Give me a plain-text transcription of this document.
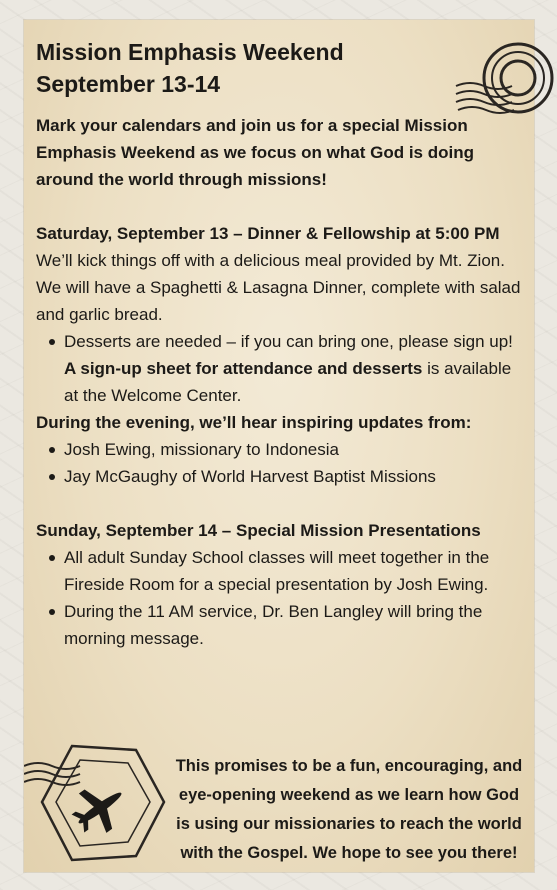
Mission Emphasis Weekend
September 13-14

Mark your calendars and join us for a special Mission Emphasis Weekend as we focus on what God is doing around the world through missions!

Saturday, September 13 – Dinner & Fellowship at 5:00 PM

We’ll kick things off with a delicious meal provided by Mt. Zion. We will have a Spaghetti & Lasagna Dinner, complete with salad and garlic bread.

Desserts are needed – if you can bring one, please sign up! A sign-up sheet for attendance and desserts is available at the Welcome Center.

During the evening, we’ll hear inspiring updates from:

Josh Ewing, missionary to Indonesia
Jay McGaughy of World Harvest Baptist Missions

Sunday, September 14 – Special Mission Presentations

All adult Sunday School classes will meet together in the Fireside Room for a special presentation by Josh Ewing.
During the 11 AM service, Dr. Ben Langley will bring the morning message.

This promises to be a fun, encouraging, and eye-opening weekend as we learn how God is using our missionaries to reach the world with the Gospel. We hope to see you there!
